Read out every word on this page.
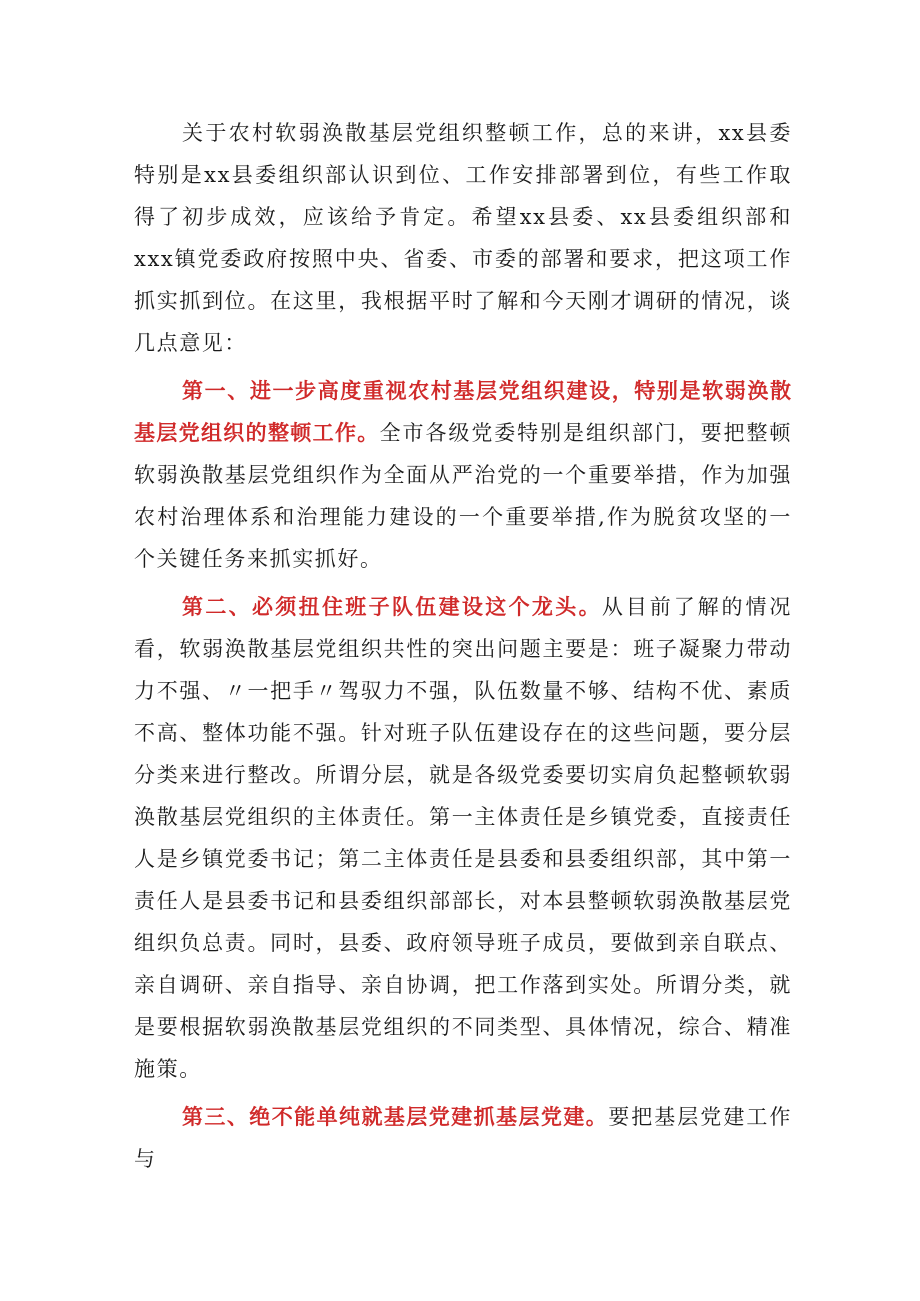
关于农村软弱涣散基层党组织整顿工作，总的来讲，xx县委特别是xx县委组织部认识到位、工作安排部署到位，有些工作取得了初步成效，应该给予肯定。希望xx县委、xx县委组织部和xxx镇党委政府按照中央、省委、市委的部署和要求，把这项工作抓实抓到位。在这里，我根据平时了解和今天刚才调研的情况，谈几点意见：

第一、进一步高度重视农村基层党组织建设，特别是软弱涣散基层党组织的整顿工作。全市各级党委特别是组织部门，要把整顿软弱涣散基层党组织作为全面从严治党的一个重要举措，作为加强农村治理体系和治理能力建设的一个重要举措,作为脱贫攻坚的一个关键任务来抓实抓好。

第二、必须扭住班子队伍建设这个龙头。从目前了解的情况看，软弱涣散基层党组织共性的突出问题主要是：班子凝聚力带动力不强、〃一把手〃驾驭力不强，队伍数量不够、结构不优、素质不高、整体功能不强。针对班子队伍建设存在的这些问题，要分层分类来进行整改。所谓分层，就是各级党委要切实肩负起整顿软弱涣散基层党组织的主体责任。第一主体责任是乡镇党委，直接责任人是乡镇党委书记；第二主体责任是县委和县委组织部，其中第一责任人是县委书记和县委组织部部长，对本县整顿软弱涣散基层党组织负总责。同时，县委、政府领导班子成员，要做到亲自联点、亲自调研、亲自指导、亲自协调，把工作落到实处。所谓分类，就是要根据软弱涣散基层党组织的不同类型、具体情况，综合、精准施策。

第三、绝不能单纯就基层党建抓基层党建。要把基层党建工作与
